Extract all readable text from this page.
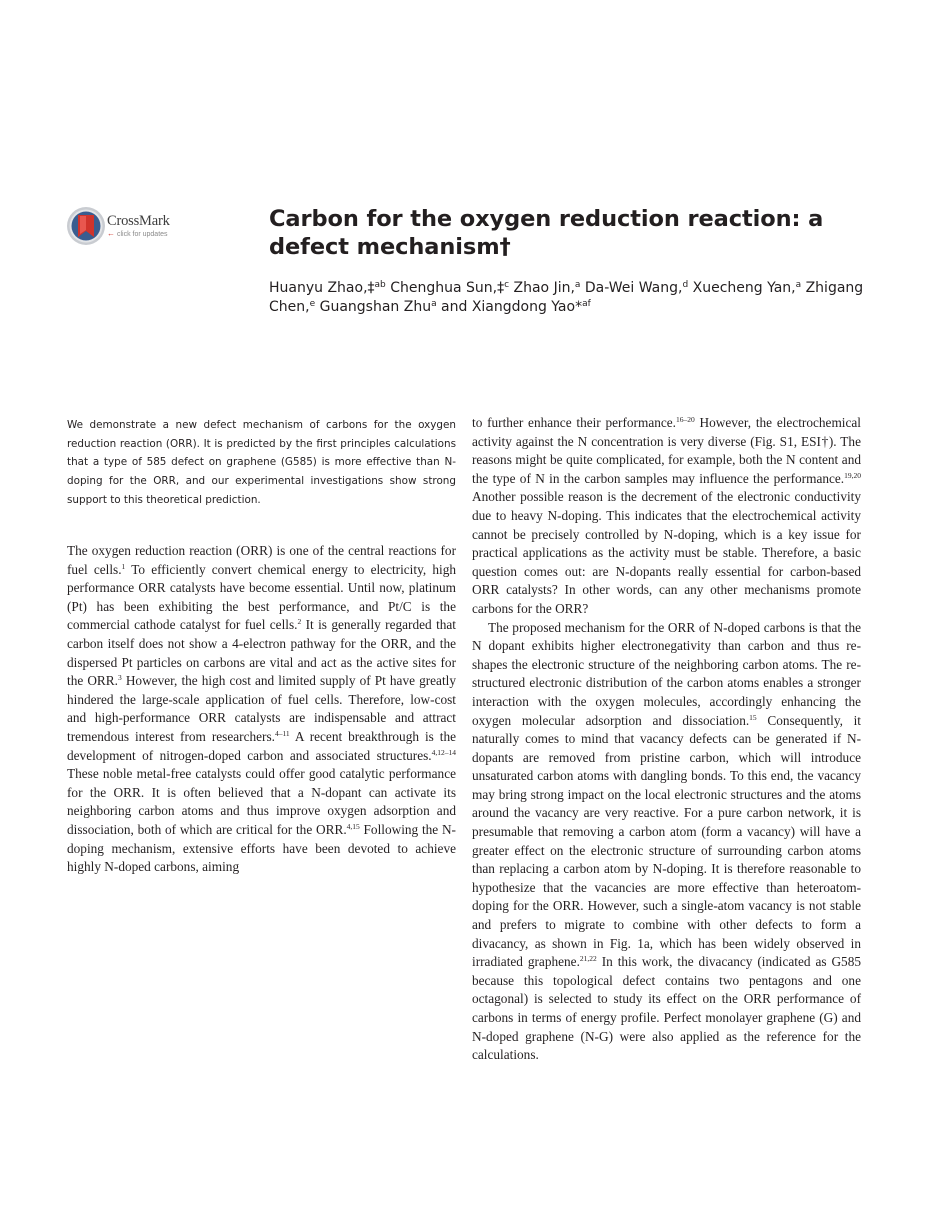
CrossMark
← click for updates
Carbon for the oxygen reduction reaction: a defect mechanism†

Huanyu Zhao,‡$^{ab}$ Chenghua Sun,‡$^c$ Zhao Jin,$^a$ Da-Wei Wang,$^d$ Xuecheng Yan,$^a$ Zhigang Chen,$^e$ Guangshan Zhu$^a$ and Xiangdong Yao*$^{af}$

We demonstrate a new defect mechanism of carbons for the oxygen reduction reaction (ORR). It is predicted by the first principles calculations that a type of 585 defect on graphene (G585) is more effective than N-doping for the ORR, and our experimental investigations show strong support to this theoretical prediction.

The oxygen reduction reaction (ORR) is one of the central reactions for fuel cells.$^1$ To efficiently convert chemical energy to electricity, high performance ORR catalysts have become essential. Until now, platinum (Pt) has been exhibiting the best performance, and Pt/C is the commercial cathode catalyst for fuel cells.$^2$ It is generally regarded that carbon itself does not show a 4-electron pathway for the ORR, and the dispersed Pt particles on carbons are vital and act as the active sites for the ORR.$^3$ However, the high cost and limited supply of Pt have greatly hindered the large-scale application of fuel cells. Therefore, low-cost and high-performance ORR catalysts are indispensable and attract tremendous interest from researchers.$^{4-11}$ A recent breakthrough is the development of nitrogen-doped carbon and associated structures.$^{4,12-14}$ These noble metal-free catalysts could offer good catalytic performance for the ORR. It is often believed that a N-dopant can activate its neighboring carbon atoms and thus improve oxygen adsorption and dissociation, both of which are critical for the ORR.$^{4,15}$ Following the N-doping mechanism, extensive efforts have been devoted to achieve highly N-doped carbons, aiming

to further enhance their performance.$^{16-20}$ However, the electrochemical activity against the N concentration is very diverse (Fig. S1, ESI†). The reasons might be quite complicated, for example, both the N content and the type of N in the carbon samples may influence the performance.$^{19,20}$ Another possible reason is the decrement of the electronic conductivity due to heavy N-doping. This indicates that the electrochemical activity cannot be precisely controlled by N-doping, which is a key issue for practical applications as the activity must be stable. Therefore, a basic question comes out: are N-dopants really essential for carbon-based ORR catalysts? In other words, can any other mechanisms promote carbons for the ORR?

The proposed mechanism for the ORR of N-doped carbons is that the N dopant exhibits higher electronegativity than carbon and thus re-shapes the electronic structure of the neighboring carbon atoms. The re-structured electronic distribution of the carbon atoms enables a stronger interaction with the oxygen molecules, accordingly enhancing the oxygen molecular adsorption and dissociation.$^{15}$ Consequently, it naturally comes to mind that vacancy defects can be generated if N-dopants are removed from pristine carbon, which will introduce unsaturated carbon atoms with dangling bonds. To this end, the vacancy may bring strong impact on the local electronic structures and the atoms around the vacancy are very reactive. For a pure carbon network, it is presumable that removing a carbon atom (form a vacancy) will have a greater effect on the electronic structure of surrounding carbon atoms than replacing a carbon atom by N-doping. It is therefore reasonable to hypothesize that the vacancies are more effective than heteroatom-doping for the ORR. However, such a single-atom vacancy is not stable and prefers to migrate to combine with other defects to form a divacancy, as shown in Fig. 1a, which has been widely observed in irradiated graphene.$^{21,22}$ In this work, the divacancy (indicated as G585 because this topological defect contains two pentagons and one octagonal) is selected to study its effect on the ORR performance of carbons in terms of energy profile. Perfect monolayer graphene (G) and N-doped graphene (N-G) were also applied as the reference for the calculations.
